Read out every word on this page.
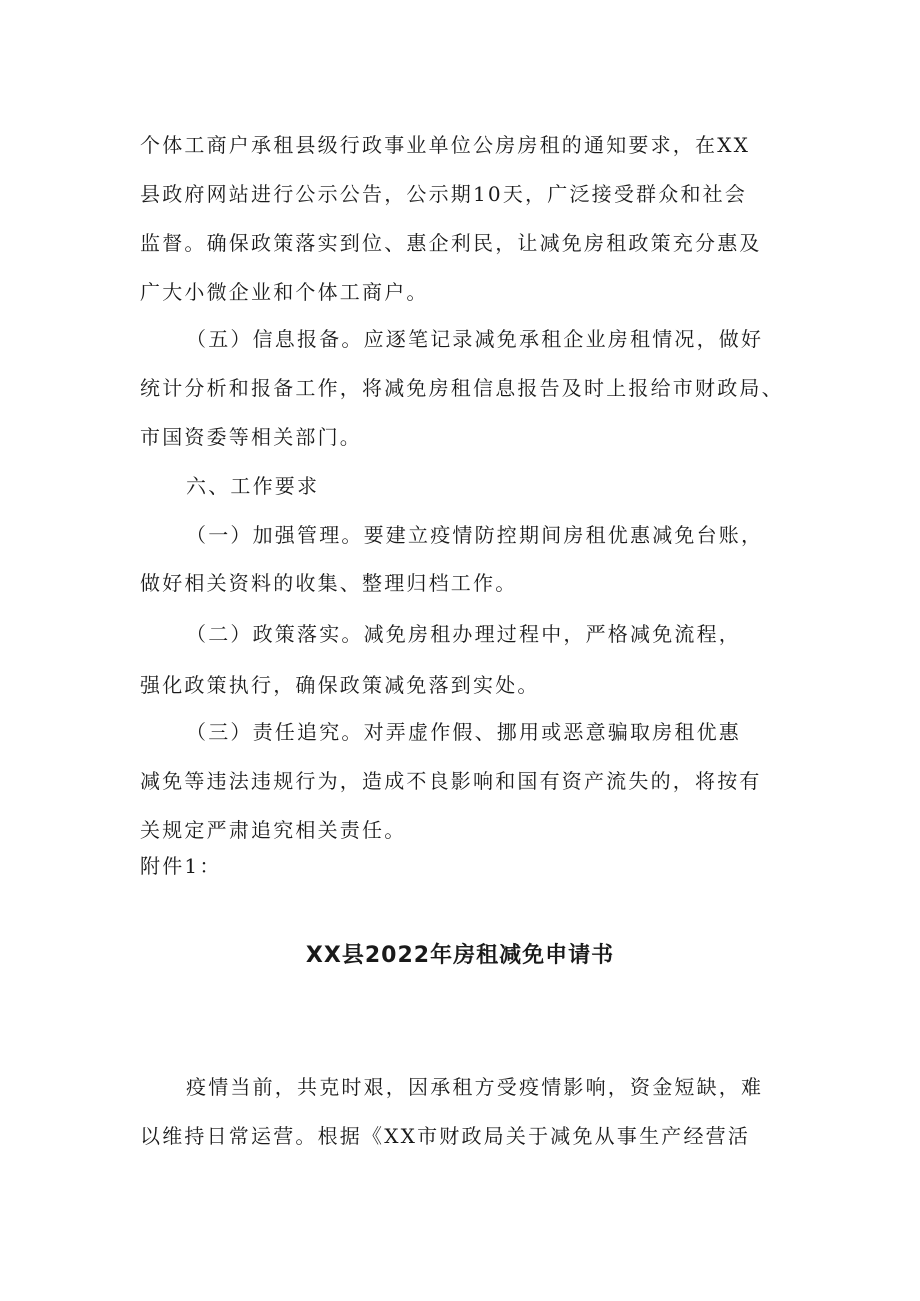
个体工商户承租县级行政事业单位公房房租的通知要求，在XX
县政府网站进行公示公告，公示期10天，广泛接受群众和社会
监督。确保政策落实到位、惠企利民，让减免房租政策充分惠及
广大小微企业和个体工商户。
（五）信息报备。应逐笔记录减免承租企业房租情况，做好
统计分析和报备工作，将减免房租信息报告及时上报给市财政局、
市国资委等相关部门。
六、工作要求
（一）加强管理。要建立疫情防控期间房租优惠减免台账，
做好相关资料的收集、整理归档工作。
（二）政策落实。减免房租办理过程中，严格减免流程，
强化政策执行，确保政策减免落到实处。
（三）责任追究。对弄虚作假、挪用或恶意骗取房租优惠
减免等违法违规行为，造成不良影响和国有资产流失的，将按有
关规定严肃追究相关责任。
附件1：
XX县2022年房租减免申请书
疫情当前，共克时艰，因承租方受疫情影响，资金短缺，难
以维持日常运营。根据《XX市财政局关于减免从事生产经营活
